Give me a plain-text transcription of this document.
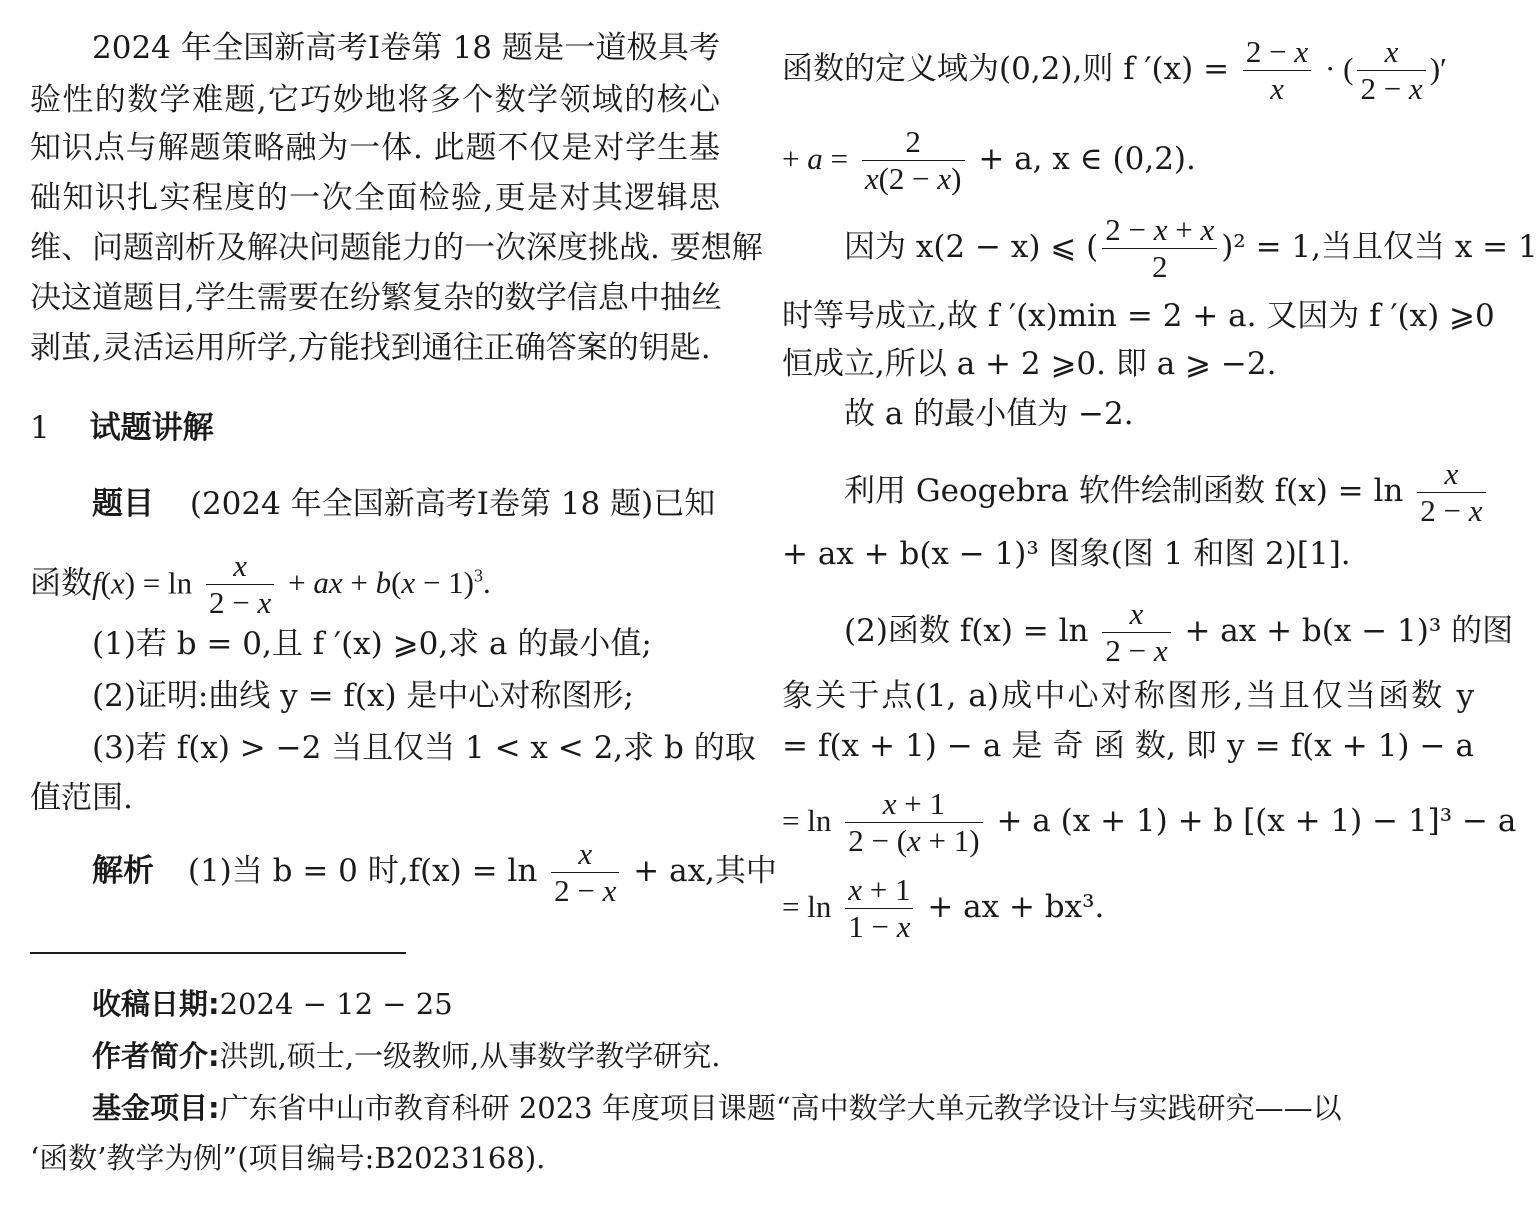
2024 年全国新高考Ⅰ卷第 18 题是一道极具考
验性的数学难题,它巧妙地将多个数学领域的核心
知识点与解题策略融为一体. 此题不仅是对学生基
础知识扎实程度的一次全面检验,更是对其逻辑思
维、问题剖析及解决问题能力的一次深度挑战. 要想解
决这道题目,学生需要在纷繁复杂的数学信息中抽丝
剥茧,灵活运用所学,方能找到通往正确答案的钥匙.
1 试题讲解
题目 (2024 年全国新高考Ⅰ卷第 18 题)已知
函数$f(x) = \ln \frac{x}{2 - x}$ + ax + $b(x - 1)^3$.
(1)若 b = 0,且 f ′(x) ⩾0,求 a 的最小值;
(2)证明:曲线 y = f(x) 是中心对称图形;
(3)若 f(x) > −2 当且仅当 1 < x < 2,求 b 的取
值范围.
解析 (1)当 b = 0 时$,f(x) = \ln \frac{x}{2 - x}$ + ax,其中
函数的定义域为(0,2),则 f $'(x) = \frac{2 - x}{x}$ · ( $\frac{x}{2 - x}$ )′
+ $a = \frac{2}{x(2 - x)} + a$, x ∈ (0,2).
因为 x(2 − x) ⩽ ( $\frac{2 - x + x}{2} )^2 = 1$,当且仅当 x = 1
时等号成立,故 f ′(x)min = 2 + a. 又因为 f ′(x) ⩾0
恒成立,所以 a + 2 ⩾0. 即 a ⩾ −2.
故 a 的最小值为 −2.
利用 Geogebra 软件绘制函数 $f(x) = \ln \frac{x}{2 - x}$
+ ax + b(x − 1)³ 图象(图 1 和图 2)[1].
(2)函数 $f(x) = \ln \frac{x}{2 - x}$ + ax + b(x − 1)³ 的图
象关于点(1, a)成中心对称图形,当且仅当函数 y
= f(x + 1) − a 是 奇 函 数, 即 y = f(x + 1) − a
= $\ln \frac{x + 1}{2 - (x + 1)} + a$ (x + 1) + b [(x + 1) − 1]³ − a
= $\ln \frac{x + 1}{1 - x}$ + ax + bx³.
收稿日期:2024 − 12 − 25
作者简介:洪凯,硕士,一级教师,从事数学教学研究.
基金项目:广东省中山市教育科研 2023 年度项目课题“高中数学大单元教学设计与实践研究——以
‘函数’教学为例”(项目编号:B2023168).
